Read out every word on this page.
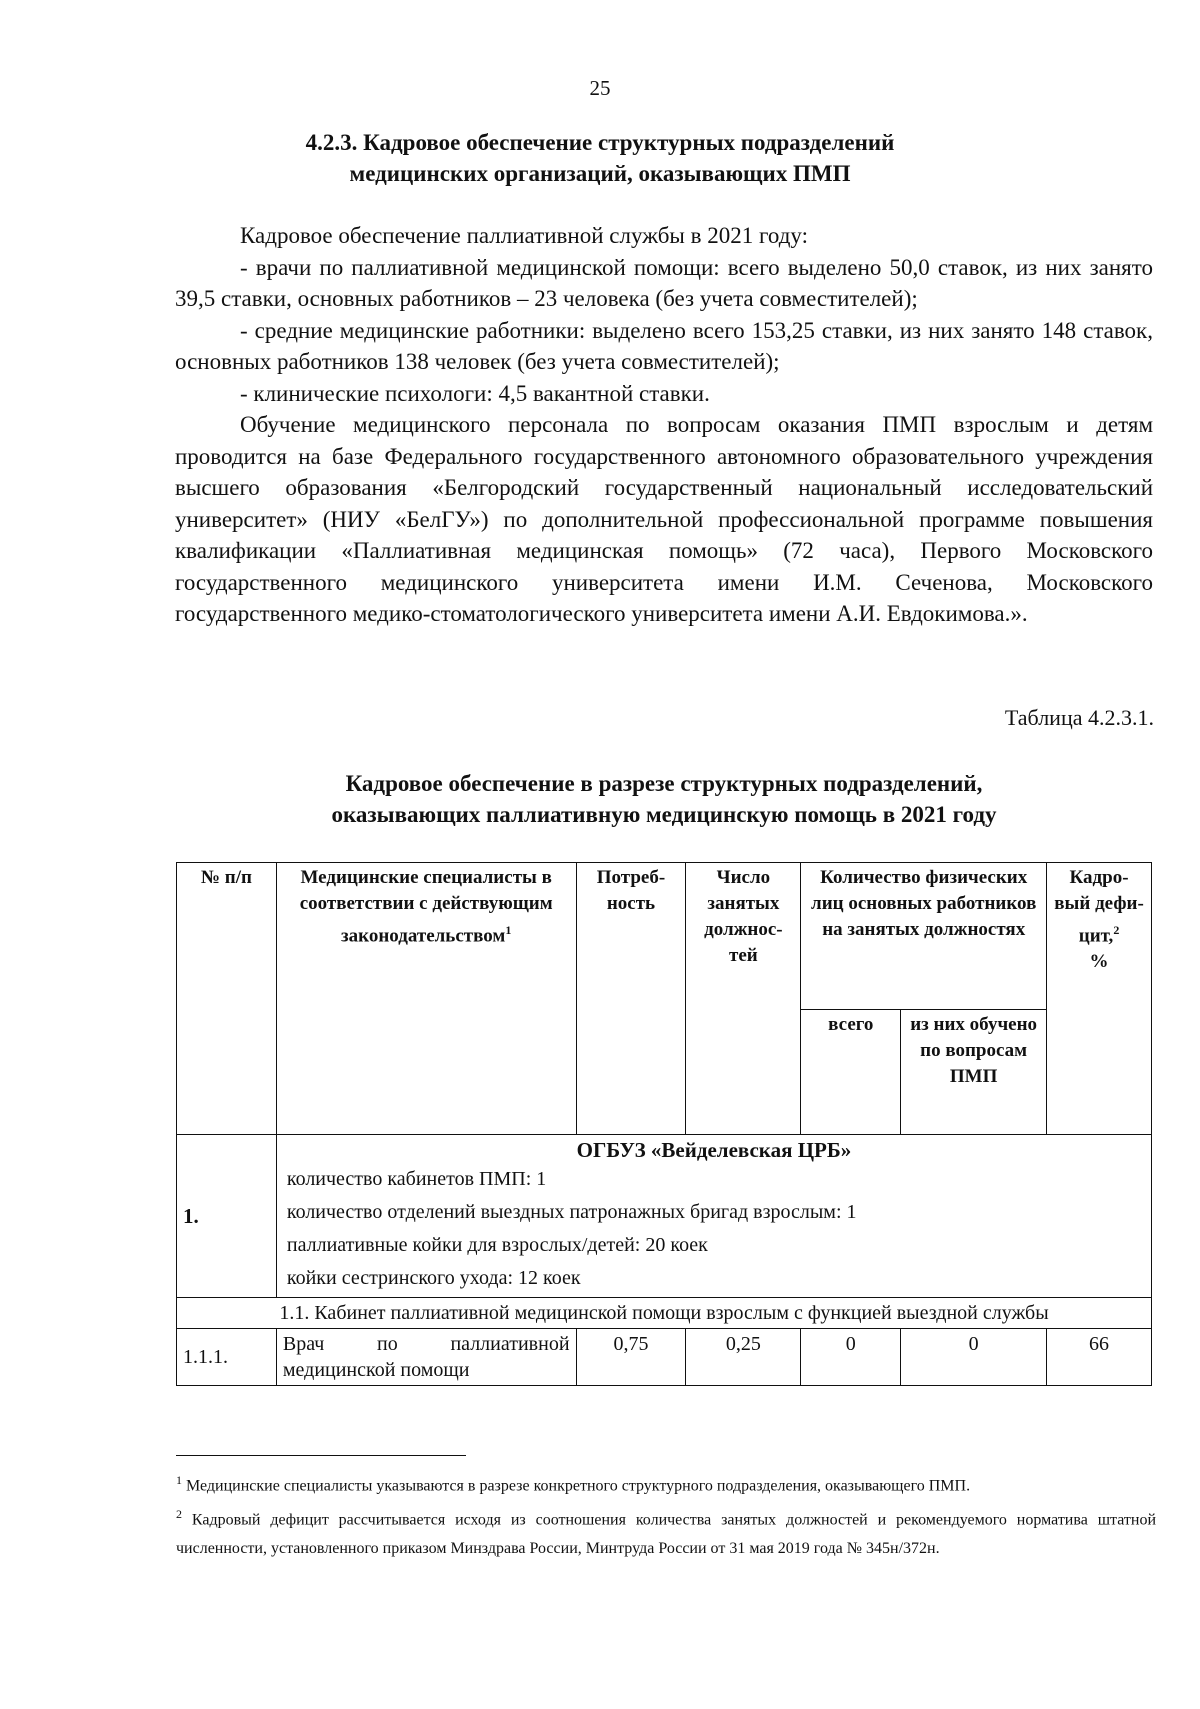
25
4.2.3. Кадровое обеспечение структурных подразделений
медицинских организаций, оказывающих ПМП

Кадровое обеспечение паллиативной службы в 2021 году:

- врачи по паллиативной медицинской помощи: всего выделено 50,0 ставок, из них занято 39,5 ставки, основных работников – 23 человека (без учета совместителей);

- средние медицинские работники: выделено всего 153,25 ставки, из них занято 148 ставок, основных работников 138 человек (без учета совместителей);

- клинические психологи: 4,5 вакантной ставки.

Обучение медицинского персонала по вопросам оказания ПМП взрослым и детям проводится на базе Федерального государственного автономного образовательного учреждения высшего образования «Белгородский государственный национальный исследовательский университет» (НИУ «БелГУ») по дополнительной профессиональной программе повышения квалификации «Паллиативная медицинская помощь» (72 часа), Первого Московского государственного медицинского университета имени И.М. Сеченова, Московского государственного медико-стоматологического университета имени А.И. Евдокимова.».

Таблица 4.2.3.1.
Кадровое обеспечение в разрезе структурных подразделений,
оказывающих паллиативную медицинскую помощь в 2021 году
№ п/п	Медицинские специалисты в соответствии с действующим законодательством$^1$	Потреб-ность	Число занятых должнос-тей	Количество физических лиц основных работников на занятых должностях		Кадро-вый дефи-цит,$^2$
%
				всего	из них обучено по вопросам ПМП	
1.	ОГБУЗ «Вейделевская ЦРБ»
количество кабинетов ПМП: 1
количество отделений выездных патронажных бригад взрослым: 1
паллиативные койки для взрослых/детей: 20 коек
койки сестринского ухода: 12 коек					

1.1. Кабинет паллиативной медицинской помощи взрослым с функцией выездной службы						
1.1.1.	Врач по паллиативной медицинской помощи	0,75	0,25	0	0	66

$^1$ Медицинские специалисты указываются в разрезе конкретного структурного подразделения, оказывающего ПМП.

$^2$ Кадровый дефицит рассчитывается исходя из соотношения количества занятых должностей и рекомендуемого норматива штатной численности, установленного приказом Минздрава России, Минтруда России от 31 мая 2019 года № 345н/372н.
